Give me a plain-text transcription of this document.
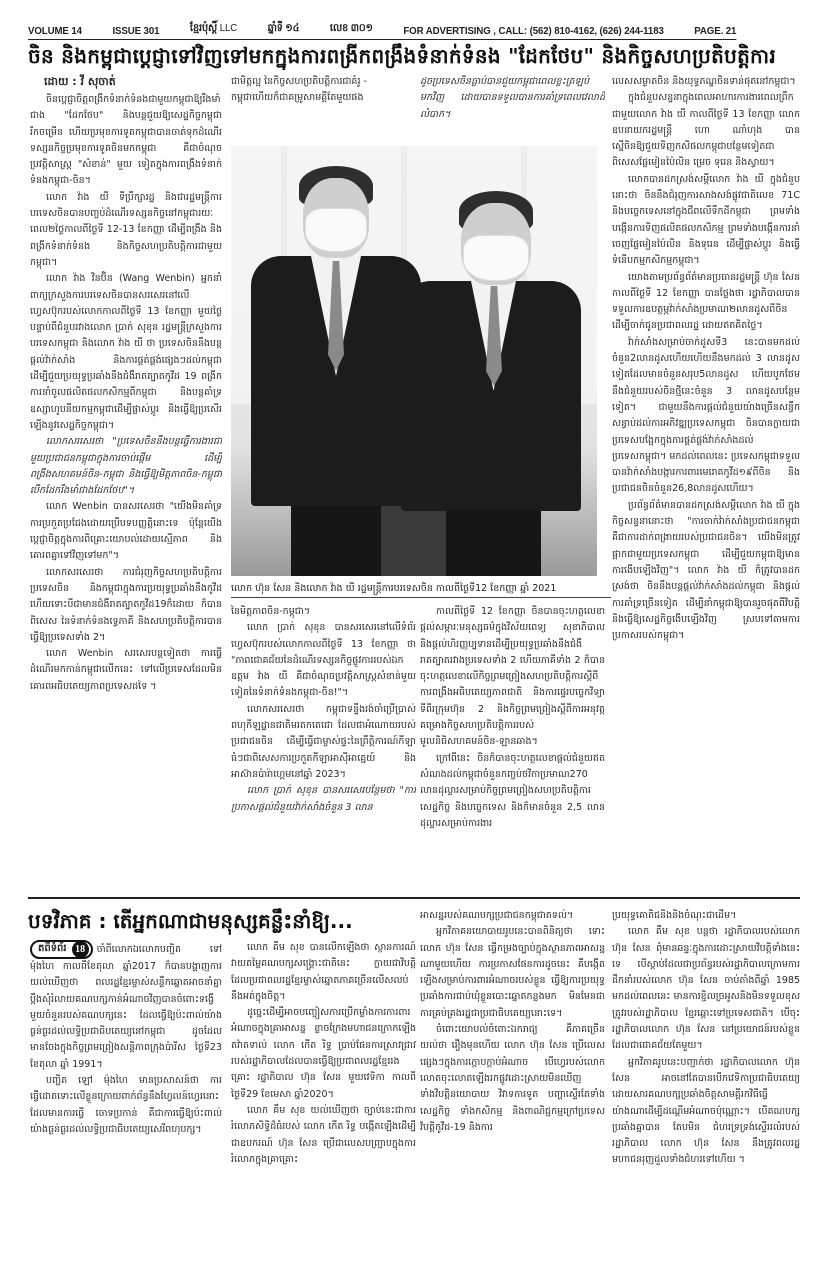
VOLUME 14	ISSUE 301	ខ្មែរប៉ុស្ដិ៍ LLC	ឆ្នាំទី ១៤	លេខ ៣០១	FOR ADVERTISING , CALL: (562) 810-4162, (626) 244-1183	PAGE. 21
ចិន និងកម្ពុជាប្ដេជ្ញាទៅវិញទៅមកក្នុងការពង្រីកពង្រឹងទំនាក់ទំនង "ដែកថែប" និងកិច្ចសហប្រតិបត្តិការ
ដោយ : វី សុចាត់

ចិនប្ដេជ្ញាចិត្តពង្រីកទំនាក់ទំនងជាមួយកម្ពុជាឱ្យរឹងមាំជាង "ដែកថែប" និងបន្តជួយឱ្យសេដ្ឋកិច្ចកម្ពុជារីកចម្រើន ហើយប្រមុខការទូតកម្ពុជាបានចាត់ទុកដំណើរទស្សនកិច្ចប្រមុខការទូតចិនមកកម្ពុជា គឺជាចំណុចប្រវត្តិសាស្ត្រ "សំខាន់" មួយ ទៀតក្នុងការពង្រឹងទំនាក់ទំនងកម្ពុជា-ចិន។

លោក វ៉ាង យី ទីប្រឹក្សារដ្ឋ និងជារដ្ឋមន្ត្រីការបរទេសចិនបានបញ្ចប់ដំណើរទស្សនកិច្ចនៅកម្ពុជារយៈពេល២ថ្ងៃកាលពីថ្ងៃទី 12-13 ខែកញ្ញា ដើម្បីពង្រឹង និងពង្រីកទំនាក់ទំនង និងកិច្ចសហប្រតិបត្តិការជាមួយកម្ពុជា។

លោក វ៉ាង វិនប៊ិន (Wang Wenbin) អ្នកនាំពាក្យក្រសួងការបរទេសចិនបានសរសេរនៅលើហ្វេសប៊ុករបស់លោកកាលពីថ្ងៃទី 13 ខែកញ្ញា មួយថ្ងៃបន្ទាប់ពីជំនួបរវាងលោក ប្រាក់ សុខុន រដ្ឋមន្ត្រីក្រសួងការបរទេសកម្ពុជា និងលោក វ៉ាង យី ថា ប្រទេសចិននឹងបន្តផ្ដល់វ៉ាក់សាំង និងការផ្គត់ផ្គង់ផ្សេងៗដល់កម្ពុជា ដើម្បីជួយប្រយុទ្ធប្រឆាំងនឹងជំងឺរាតត្បាតកូវីដ 19 ពង្រីកការនាំចូលផលិតផលកសិកម្មពីកម្ពុជា និងបន្តគាំទ្រឧស្សាហូបនីយកម្មកម្ពុជាដើម្បីផ្លាស់ប្ដូរ និងធ្វើឱ្យប្រសើរឡើងនូវសេដ្ឋកិច្ចកម្ពុជា។

លោកសរសេរថា "ប្រទេសចិននឹងបន្តធ្វើការងារជាមួយប្រជាជនកម្ពុជាក្នុងការចាប់ផ្ដើម ដើម្បីពង្រឹងសហគមន៍ចិន-កម្ពុជា និងធ្វើឱ្យមិត្តភាពចិន-កម្ពុជាបើកដែករឹងមាំជាងដែកថែប"។

លោក Wenbin បានសរសេរថា "យើងមិនគាំទ្រការប្រកួតប្រជែងដោយប្រើបទបញ្ញត្តិនោះទេ ប៉ុន្តែយើងប្ដេជ្ញាចិត្តក្នុងការពិគ្រោះយោបល់ដោយស្មើភាព និងគោរពគ្នាទៅវិញទៅមក"។

លោកសរសេរថា ការជំរុញកិច្ចសហប្រតិបត្តិការប្រទេសចិន និងកម្ពុជាក្នុងការប្រយុទ្ធប្រឆាំងនឹងកូវីដ ហើយទោះបីជាមានជំងឺរាតត្បាតកូវីដ19ក៏ដោយ ក៏បាន ពិសេស នៃទំនាក់ទំនងទ្វេភាគី និងសហប្រតិបត្តិការបានធ្វើឱ្យប្រទេសទាំង 2។

លោក Wenbin សរសេរបន្តទៀតថា ការធ្វើដំណើរមកកាន់កម្ពុជាលើកនេះ ទៅលើប្រទេសដែលមិនគោរពអធិបតេយ្យភាពប្រទេសដទៃ ។

ជាមិត្តល្អ នៃកិច្ចសហប្រតិបត្តិការជាគំរូ -

កម្ពុជាហើយក៏ជាគម្រូសាមគ្គីតែមួយផង

ដូចប្រទេសចិនធ្លាប់បានជួយកម្ពុជាពេលខ្លះត្រឡប់មកវិញ ដោយបានទទួលបានការគាំទ្រពេលវេលាដ៏លំបាក។

លោក ហ៊ុន សែន និងលោក វ៉ាង យី រដ្ឋមន្ត្រីការបរទេសចិន កាលពីថ្ងៃទី12 ខែកញ្ញា ឆ្នាំ 2021

នៃមិត្តភាពចិន-កម្ពុជា។

លោក ប្រាក់ សុខុន បានសរសេរនៅលើទំព័រហ្វេសប៊ុករបស់លោកកាលពីថ្ងៃទី 13 ខែកញ្ញា ថា "ភាពជោគជ័យនៃដំណើរទស្សនកិច្ចផ្លូវការរបស់ឯកឧត្តម វ៉ាង យី គឺជាចំណុចប្រវត្តិសាស្ត្រសំខាន់មួយទៀតនៃទំនាក់ទំនងកម្ពុជា-ចិន!"។

លោកសរសេរថា កម្ពុជាទន្ទឹងរង់ចាំប្រើប្រាស់ពហុកីឡដ្ឋានជាតិមរតកតេជោ ដែលជាអំណោយរបស់ប្រជាជនចិន ដើម្បីធ្វើជាម្ចាស់ផ្ទះនៃព្រឹត្តិការណ៍កីឡាធំៗជាពិសេសការប្រកួតកីឡាអាស៊ីអាគ្នេយ៍ និងអាស៊ានប៉ារ៉ាហ្គេមនៅឆ្នាំ 2023។

លោក ប្រាក់ សុខុន បានសរសេរបន្ថែមថា "ការប្រកាសផ្ដល់ជំនួយវ៉ាក់សាំងចំនួន 3 លាន

កាលពីថ្ងៃទី 12 ខែកញ្ញា ចិនបានចុះហត្ថលេខាផ្ដល់សម្ភារៈមនុស្សធម៌ក្នុងវិស័យពេទ្យ សុខាភិបាល និងផ្ដល់ហិរញ្ញប្បទានដើម្បីប្រយុទ្ធប្រឆាំងនឹងជំងឺរាតត្បាតរវាងប្រទេសទាំង 2 ហើយភាគីទាំង 2 ក៏បានចុះហត្ថលេខាលើកិច្ចព្រមព្រៀងសហប្រតិបត្តិការស្ដីពីការពង្រឹងអធិបតេយ្យភាពជាតិ និងការផ្ទេរបច្ចេកវិទ្យា ទីពីរក្រុមហ៊ុន 2 និងកិច្ចព្រមព្រៀងស្ដីពីការអនុវត្តគម្រោងកិច្ចសហប្រតិបត្តិការរបស់មូលនិធិសហគមន៍ចិន-ឡានឆាង។

ក្រៅពីនេះ ចិនក៏បានចុះហត្ថលេខាផ្ដល់ជំនួយឥតសំណងដល់កម្ពុជាចំនួនកញ្ចប់ថវិកាប្រមាណ270 លានដុល្លារសម្រាប់កិច្ចព្រមព្រៀងសហប្រតិបត្តិការសេដ្ឋកិច្ច និងបច្ចេកទេស និងក៏មានចំនួន 2,5 លានដុល្លារសម្រាប់ការងារ

លេសសម្ងាតចិន និងយុទ្ធភណ្ឌចិនទាន់ផុតនៅកម្ពុជា។

ក្នុងជំនួបសន្ទនាក្នុងពេលអាហារការងារពេលព្រឹកជាមួយលោក វ៉ាង យី កាលពីថ្ងៃទី 13 ខែកញ្ញា លោកឧបនាយករដ្ឋមន្ត្រី ហោ ណាំហុង បានស្នើចិនឱ្យជួយទិញកសិផលកម្ពុជាបន្ថែមទៀតជាពិសេសផ្លែមៀនប៉ៃលិន ម្រេច ទុរេន និងស្វាយ។

លោកបានដកស្រង់សម្ដីលោក វ៉ាង យី ក្នុងជំនួបនោះថា ចិននឹងជំរុញការសាងសង់ផ្លូវជាតិលេខ 71C និងបច្ចេកទេសនៅក្នុងជីពលើទឹកដីកម្ពុជា ព្រមទាំងបង្កើនការទិញផលិតផលកសិកម្ម ព្រមទាំងបង្កើនការនាំចេញផ្លែមៀនប៉ៃលិន និងទុរេន ដើម្បីផ្លាស់ប្ដូរ និងធ្វើទំនើបកម្មកសិកម្មកម្ពុជា។

យោងតាមប្រព័ន្ធព័ត៌មានប្រធានរដ្ឋមន្ត្រី ហ៊ុន សែន កាលពីថ្ងៃទី 12 ខែកញ្ញា បានថ្លែងថា រដ្ឋាភិបាលបានទទួលការឧបត្ថម្ភវ៉ាក់សាំងប្រមាណ២លានដូសពីចិន ដើម្បីចាក់ជូនប្រជាពលរដ្ឋ ដោយឥតគិតថ្លៃ។

វ៉ាក់សាំងសម្រាប់ចាក់ដូសទី3 នេះបានមកដល់ចំនួន2លានដូសហើយហើយនឹងមកដល់ 3 លានដូសទៀតដែលមានចំនួនសរុប5លានដូស ហើយបូកថែមនឹងជំនួយរបស់ចិនថ្មីនេះចំនួន 3 លានដូសបន្ថែមទៀត។ ជាមួយនឹងការផ្ដល់ជំនួយយ៉ាងច្រើនសន្ធឹកសន្ធាប់ដល់ការអភិវឌ្ឍប្រទេសកម្ពុជា ចិនបានក្លាយជាប្រទេសបង្អែកក្នុងការផ្គត់ផ្គង់វ៉ាក់សាំងដល់ប្រទេសកម្ពុជា។ មកដល់ពេលនេះ ប្រទេសកម្ពុជាទទួលបានវ៉ាក់សាំងបង្ការការពារមេរោគកូវីដ១៩ពីចិន និងប្រជាជនចិនចំនួន26,8លានដូសហើយ។

ប្រព័ន្ធព័ត៌មានបានដកស្រង់សម្ដីលោក វ៉ាង យី ក្នុងកិច្ចសន្ទនានោះថា "ការចាក់វ៉ាក់សាំងប្រជាជនកម្ពុជា គឺជាការដាក់ពង្រាយរបស់ប្រជាជនចិន។ យើងមិនត្រូវផ្អាកជាមួយប្រទេសកម្ពុជា ដើម្បីជួយកម្ពុជាឱ្យមានការងើបឡើងវិញ"។ លោក វ៉ាង យី ក៏ត្រូវបានដកស្រង់ថា ចិននឹងបន្តផ្ដល់វ៉ាក់សាំងដល់កម្ពុជា និងផ្ដល់ការគាំទ្រច្រើនទៀត ដើម្បីនាំកម្ពុជាឱ្យបានរួចផុតពីវិបត្តិ និងធ្វើឱ្យសេដ្ឋកិច្ចងើបឡើងវិញ ស្របទៅតាមការប្រកាសរបស់កម្ពុជា។

បទវិភាគ : តើអ្នកណាជាមនុស្សគន្លឹះនាំឱ្យ...

តពីទំព័រ 18	ចាំពីលោកឯលោកបញ្ជិត ទៅ ម៉ុងហៃ កាលពីខែតុលា ឆ្នាំ2017 ក៏បានបង្ហាញការយល់ឃើញថា ពលរដ្ឋខ្មែរម្ចាស់សន្លឹកឆ្នោតអាចនាំគ្នាប្ដឹងសុំរំលាយគណបក្សកាន់អំណាចវិញបានចំពោះទង្វើមួយចំនួនរបស់គណបក្សនេះ ដែលធ្វើឱ្យប៉ះពាល់យ៉ាងធ្ងន់ធ្ងរដល់លទ្ធិប្រជាធិបតេយ្យនៅកម្ពុជា ដូចដែលមានចែងក្នុងកិច្ចព្រមព្រៀងសន្តិភាពក្រុងប៉ារីស ថ្ងៃទី23 ខែតុលា ឆ្នាំ 1991។

បញ្ហិត ឡៅ ម៉ុងហៃ មានប្រសាសន៍ថា ការធ្វើដោតទោះលើខ្លួនក្រោយពាក់ព័ន្ធនឹងហ្វែលន៍ហ្វេរនោះ ដែលមានការធ្វើ ចោទប្រកាន់ គឺជាការធ្វើឱ្យប៉ះពាល់យ៉ាងធ្ងន់ធ្ងរដល់លទ្ធិប្រជាធិបតេយ្យសេរីពហុបក្ស។

លោក គឹម សុខ បានលើកឡើងថា ស្ថានការណ៍វាយតម្លៃគណបក្សសង្គ្រោះជាតិនេះ ក្លាយជាវិបត្តិ ដែលប្រជាពលរដ្ឋខ្មែរម្ចាស់ឆ្នោតភាគច្រើនលើសលប់នឹងអត់ក្នុងចិត្ត។

ដូច្នេះដើម្បីអាចបញ្ចៀសការប្រើកម្លាំងការការពារអំណាចក្នុងគ្រាអាសន្ន ខ្លាចក្រែងមហាជនក្រោកឡើងតវ៉ាតទាល់ លោក កើត រិទ្ធ ប្រាប់ផែនការស្រាវជ្រាវរបស់រដ្ឋាភិបាលដែលបានធ្វើឱ្យប្រជាពលរដ្ឋខ្មែររងគ្រោះ រដ្ឋាភិបាល ហ៊ុន សែន មួយវេទិកា កាលពីថ្ងៃទី29 ខែមេសា ឆ្នាំ2020។

លោក គឹម សុខ យល់ឃើញថា ច្បាប់នេះជាការរំលោភសិទ្ធិដ៏ធំរបស់ លោក កើត រិទ្ធ បង្កើតឡើងដើម្បីជាឧបករណ៍ ហ៊ុន សែន ប្រើជាលេសបញ្ជ្រាបក្នុងការរំលោភក្នុងគ្រាគ្រោះ

អាសន្នរបស់គណបក្សប្រជាជនកម្ពុជាតទល់។

អ្នកវិភាគនយោបាយរូបនេះបានពិនិត្យថា ទោះលោក ហ៊ុន សែន ធ្វើកម្រងច្បាប់ក្នុងស្ថានភាពអាសន្នណាមួយហើយ ការប្រកាសផែនការដូចនេះ គឺបង្កើតឡើងសម្រាប់ការពារអំណាចរបស់ខ្លួន ធ្វើឱ្យការប្រយុទ្ធប្រឆាំងការជាប់ឃុំខ្លួនបោះឆ្នោតកន្លងមក មិនមែនជាការគ្រប់គ្រងរដ្ឋជាប្រជាធិបតេយ្យនោះទេ។

ចំពោះយោបល់ចំពោះឯករាជ្យ គឺភាគច្រើនយល់ថា រឿងមុនហើយ លោក ហ៊ុន សែន ប្រើលេសផ្សេងៗក្នុងការក្ដោបក្ដាប់អំណាច បើហ្វេរបស់លោក លោតចុះលោតឡើងរកផ្លូវដោះស្រាយមិនឃើញ ទាំងវិបត្តិនយោបាយ វិវាទការទូត បញ្ហាស្ទើរតែទាំងសេដ្ឋកិច្ច ទាំងកសិកម្ម និងពាណិជ្ជកម្មក្រៅប្រទេស វិបត្តិកូវីដ-19 និងការ

ប្រយុទ្ធគោតិជនិងនិងចំណុះជាដើម។

លោក គឹម សុខ បន្តថា រដ្ឋាភិបាលរបស់លោក ហ៊ុន សែន ពុំមានឆន្ទៈក្នុងការដោះស្រាយវិបត្តិទាំងនេះទេ បើស្ដាប់ដែលជាប្រព័ន្ធរបស់រដ្ឋាភិបាលក្រោមការដឹកនាំរបស់លោក ហ៊ុន សែន ចាប់តាំងពីឆ្នាំ 1985 មកដល់ពេលនេះ មានការខ្ជិលច្រអូសនិងមិនទទួលខុសត្រូវរបស់រដ្ឋាភិបាល ខ្មែរឆ្ពោះទៅប្រទេសជាតិ។ បើចុះរដ្ឋាភិបាលលោក ហ៊ុន សែន នៅប្រយោជន៍របស់ខ្លួន ដែលជាជោគជ័យតែមួយ។

អ្នកវិភាគរូបនេះបញ្ជាក់ថា រដ្ឋាភិបាលលោក ហ៊ុន សែន អាចនៅតែបានបើកវេទិកាប្រជាធិបតេយ្យ ដោយសារគណបក្សប្រឆាំងចិត្តសាមគ្គីរកវិធីធ្វើយ៉ាងណាដើម្បីដណ្ដើមអំណាចប៉ុណ្ណោះ។ បើគណបក្សប្រឆាំងគ្នាបាន តែបមិន ជំហរទ្រទ្រង់ស្ទើររលំរបស់រដ្ឋាភិបាល លោក ហ៊ុន សែន នឹងត្រូវពលរដ្ឋមហាជនរុញដួលទាំងជំហរទៅហើយ ។
